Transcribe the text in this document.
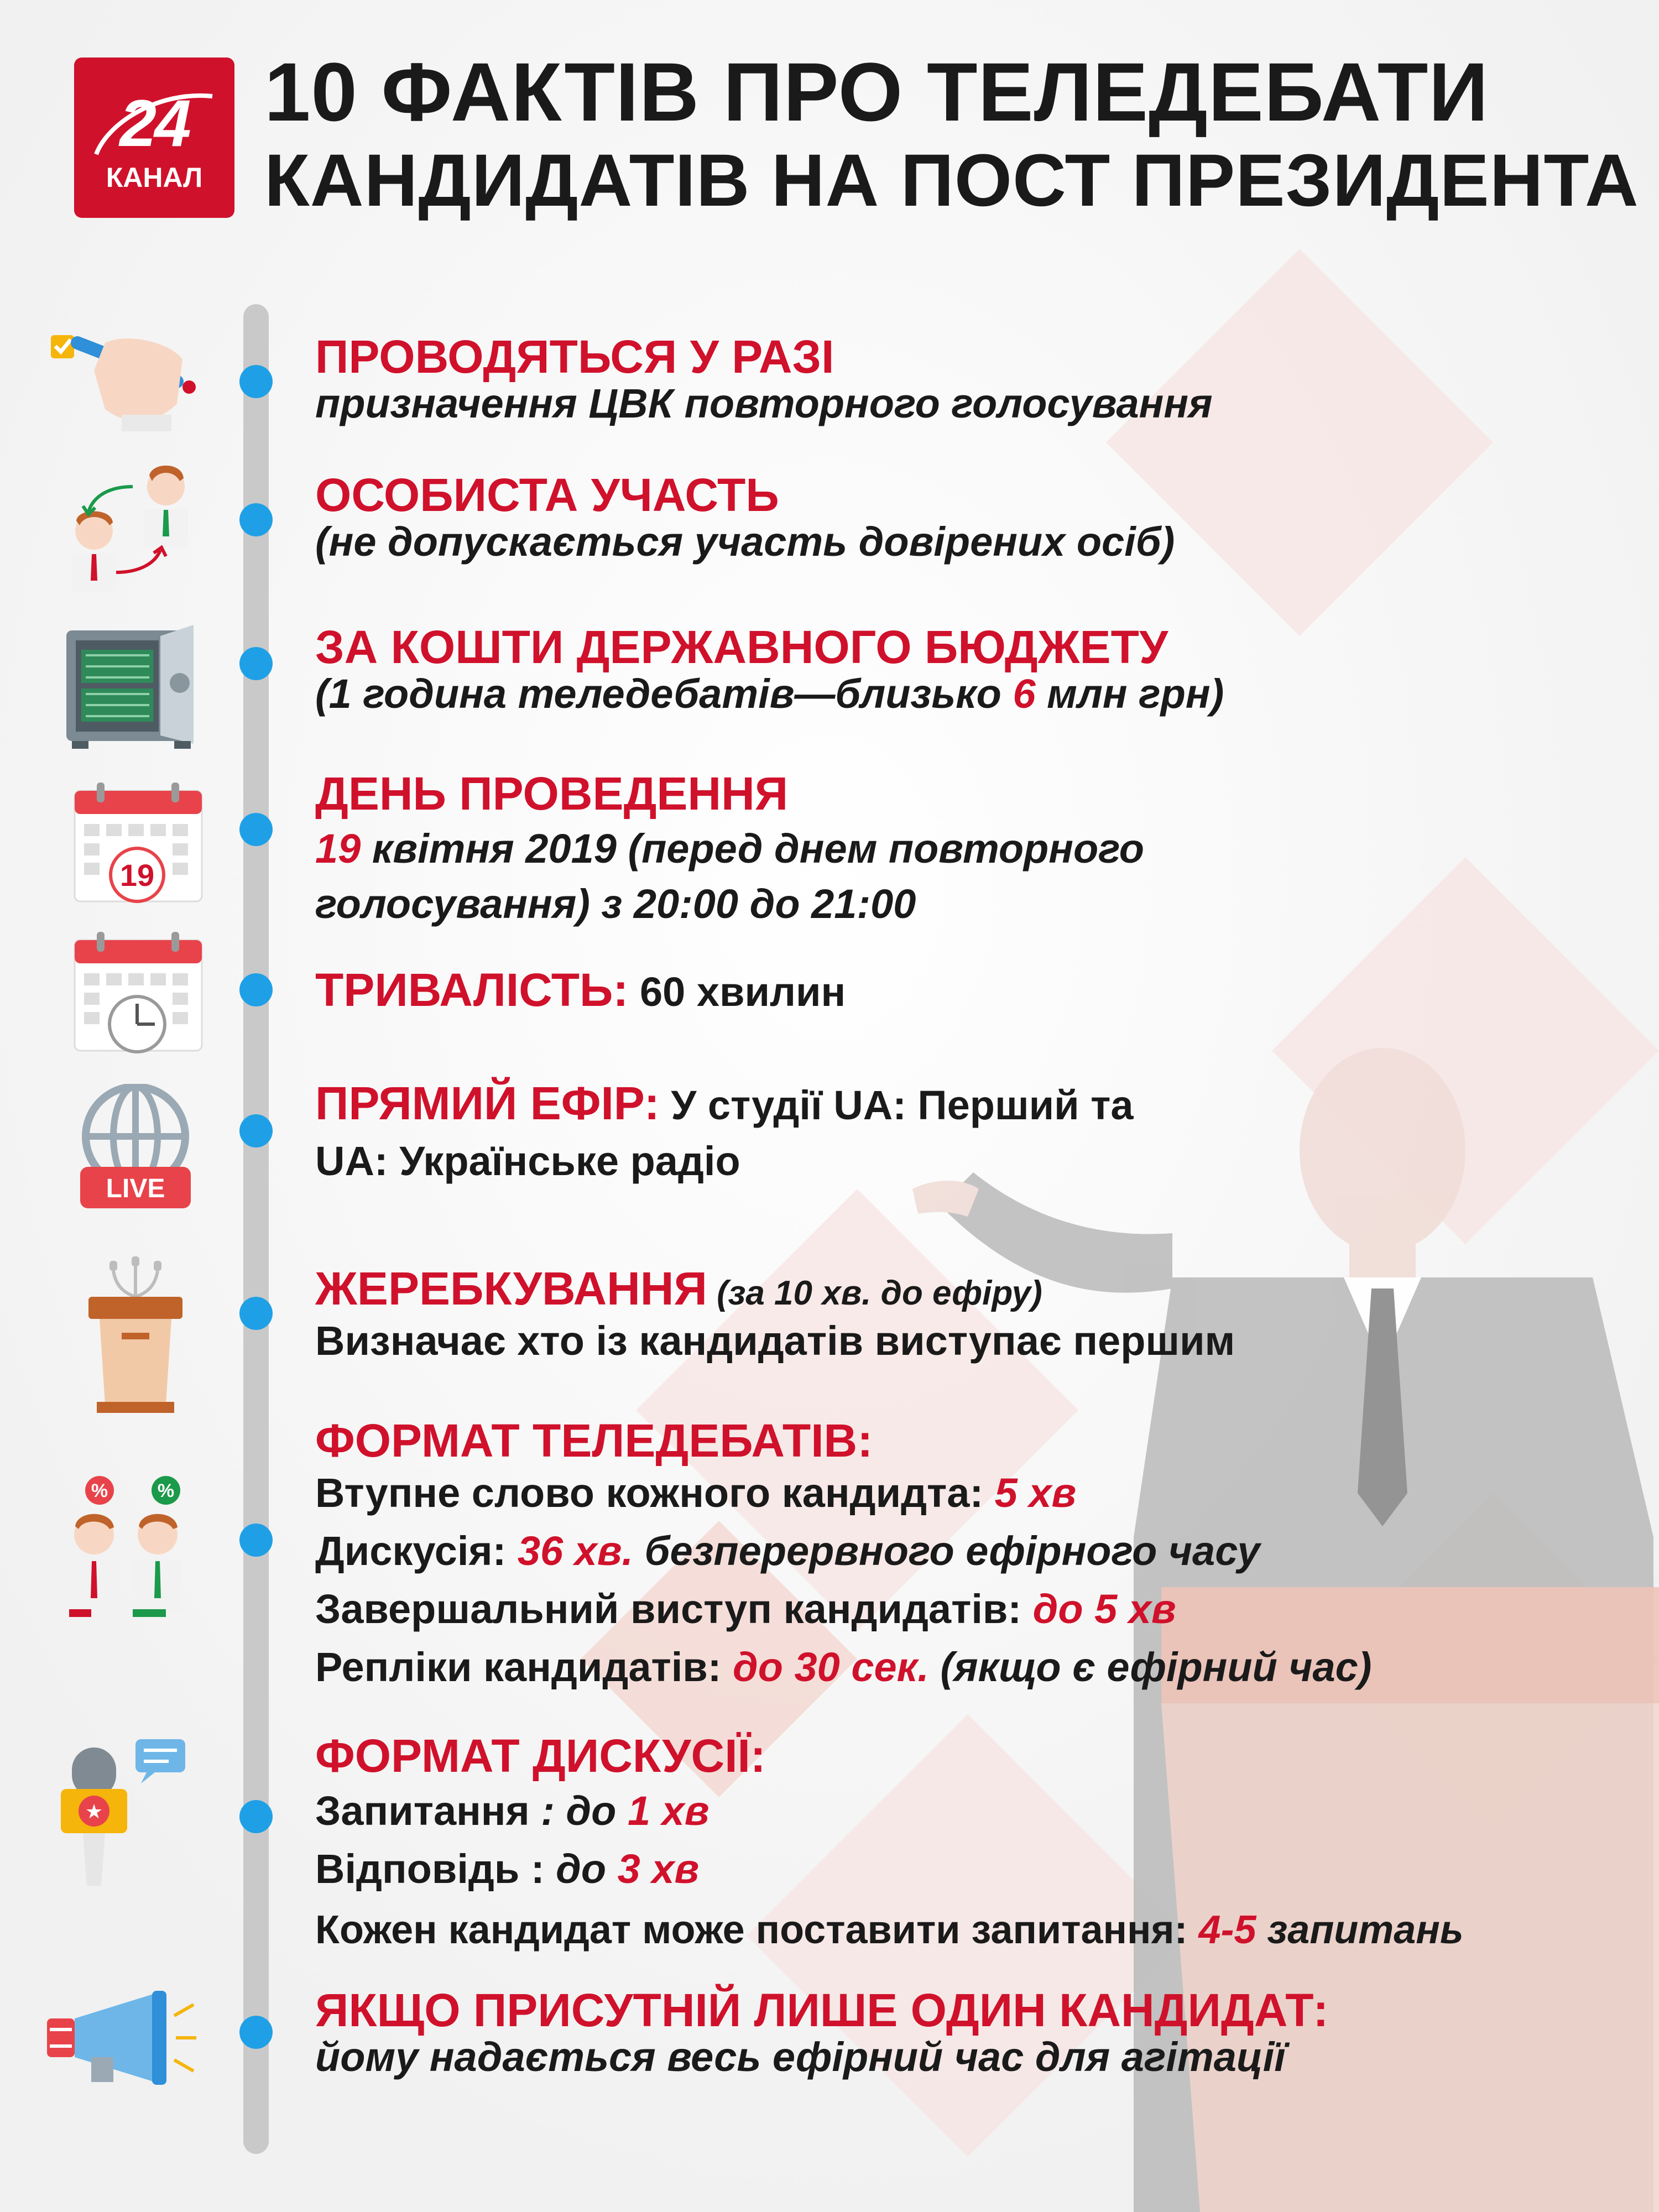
24
КАНАЛ
10 ФАКТІВ ПРО ТЕЛЕДЕБАТИ
КАНДИДАТІВ НА ПОСТ ПРЕЗИДЕНТА
19
LIVE
%	%
★
ПРОВОДЯТЬСЯ У РАЗІ
призначення ЦВК повторного голосування
ОСОБИСТА УЧАСТЬ
(не допускається участь довірених осіб)
ЗА КОШТИ ДЕРЖАВНОГО БЮДЖЕТУ
(1 година теледебатів—близько 6 млн грн)
ДЕНЬ ПРОВЕДЕННЯ
19 квітня 2019 (перед днем повторного
голосування) з 20:00 до 21:00
ТРИВАЛІСТЬ: 60 хвилин
ПРЯМИЙ ЕФІР: У студії UA: Перший та
UA: Українське радіо
ЖЕРЕБКУВАННЯ (за 10 хв. до ефіру)
Визначає хто із кандидатів виступає першим
ФОРМАТ ТЕЛЕДЕБАТІВ:
Втупне слово кожного кандидта: 5 хв
Дискусія: 36 хв. безперервного ефірного часу
Завершальний виступ кандидатів: до 5 хв
Репліки кандидатів: до 30 сек. (якщо є ефірний час)
ФОРМАТ ДИСКУСІЇ:
Запитання : до 1 хв
Відповідь : до 3 хв
Кожен кандидат може поставити запитання: 4-5 запитань
ЯКЩО ПРИСУТНІЙ ЛИШЕ ОДИН КАНДИДАТ:
йому надається весь ефірний час для агітації
